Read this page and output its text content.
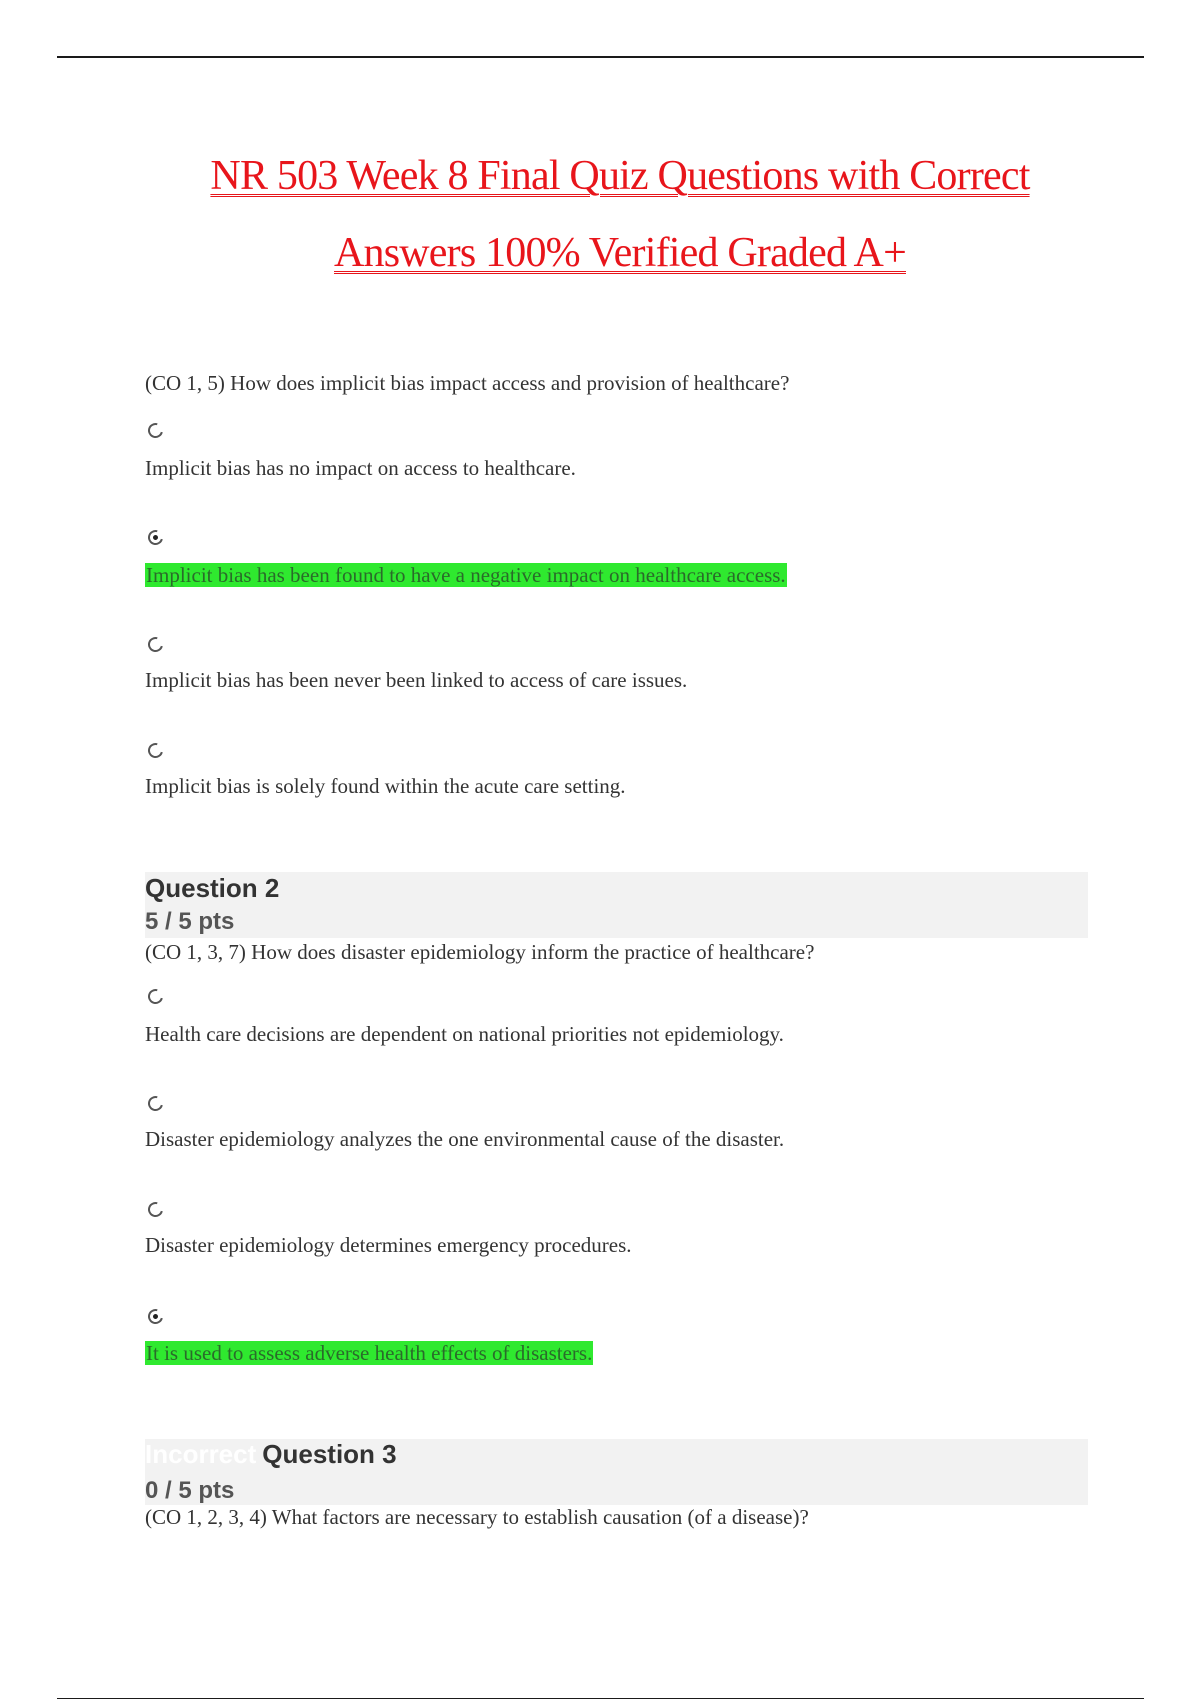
NR 503 Week 8 Final Quiz Questions with Correct
Answers 100% Verified Graded A+
(CO 1, 5) How does implicit bias impact access and provision of healthcare?
Implicit bias has no impact on access to healthcare.
Implicit bias has been found to have a negative impact on healthcare access.
Implicit bias has been never been linked to access of care issues.
Implicit bias is solely found within the acute care setting.
Question 2
5 / 5 pts
(CO 1, 3, 7) How does disaster epidemiology inform the practice of healthcare?
Health care decisions are dependent on national priorities not epidemiology.
Disaster epidemiology analyzes the one environmental cause of the disaster.
Disaster epidemiology determines emergency procedures.
It is used to assess adverse health effects of disasters.
Incorrect Question 3
0 / 5 pts
(CO 1, 2, 3, 4) What factors are necessary to establish causation (of a disease)?
